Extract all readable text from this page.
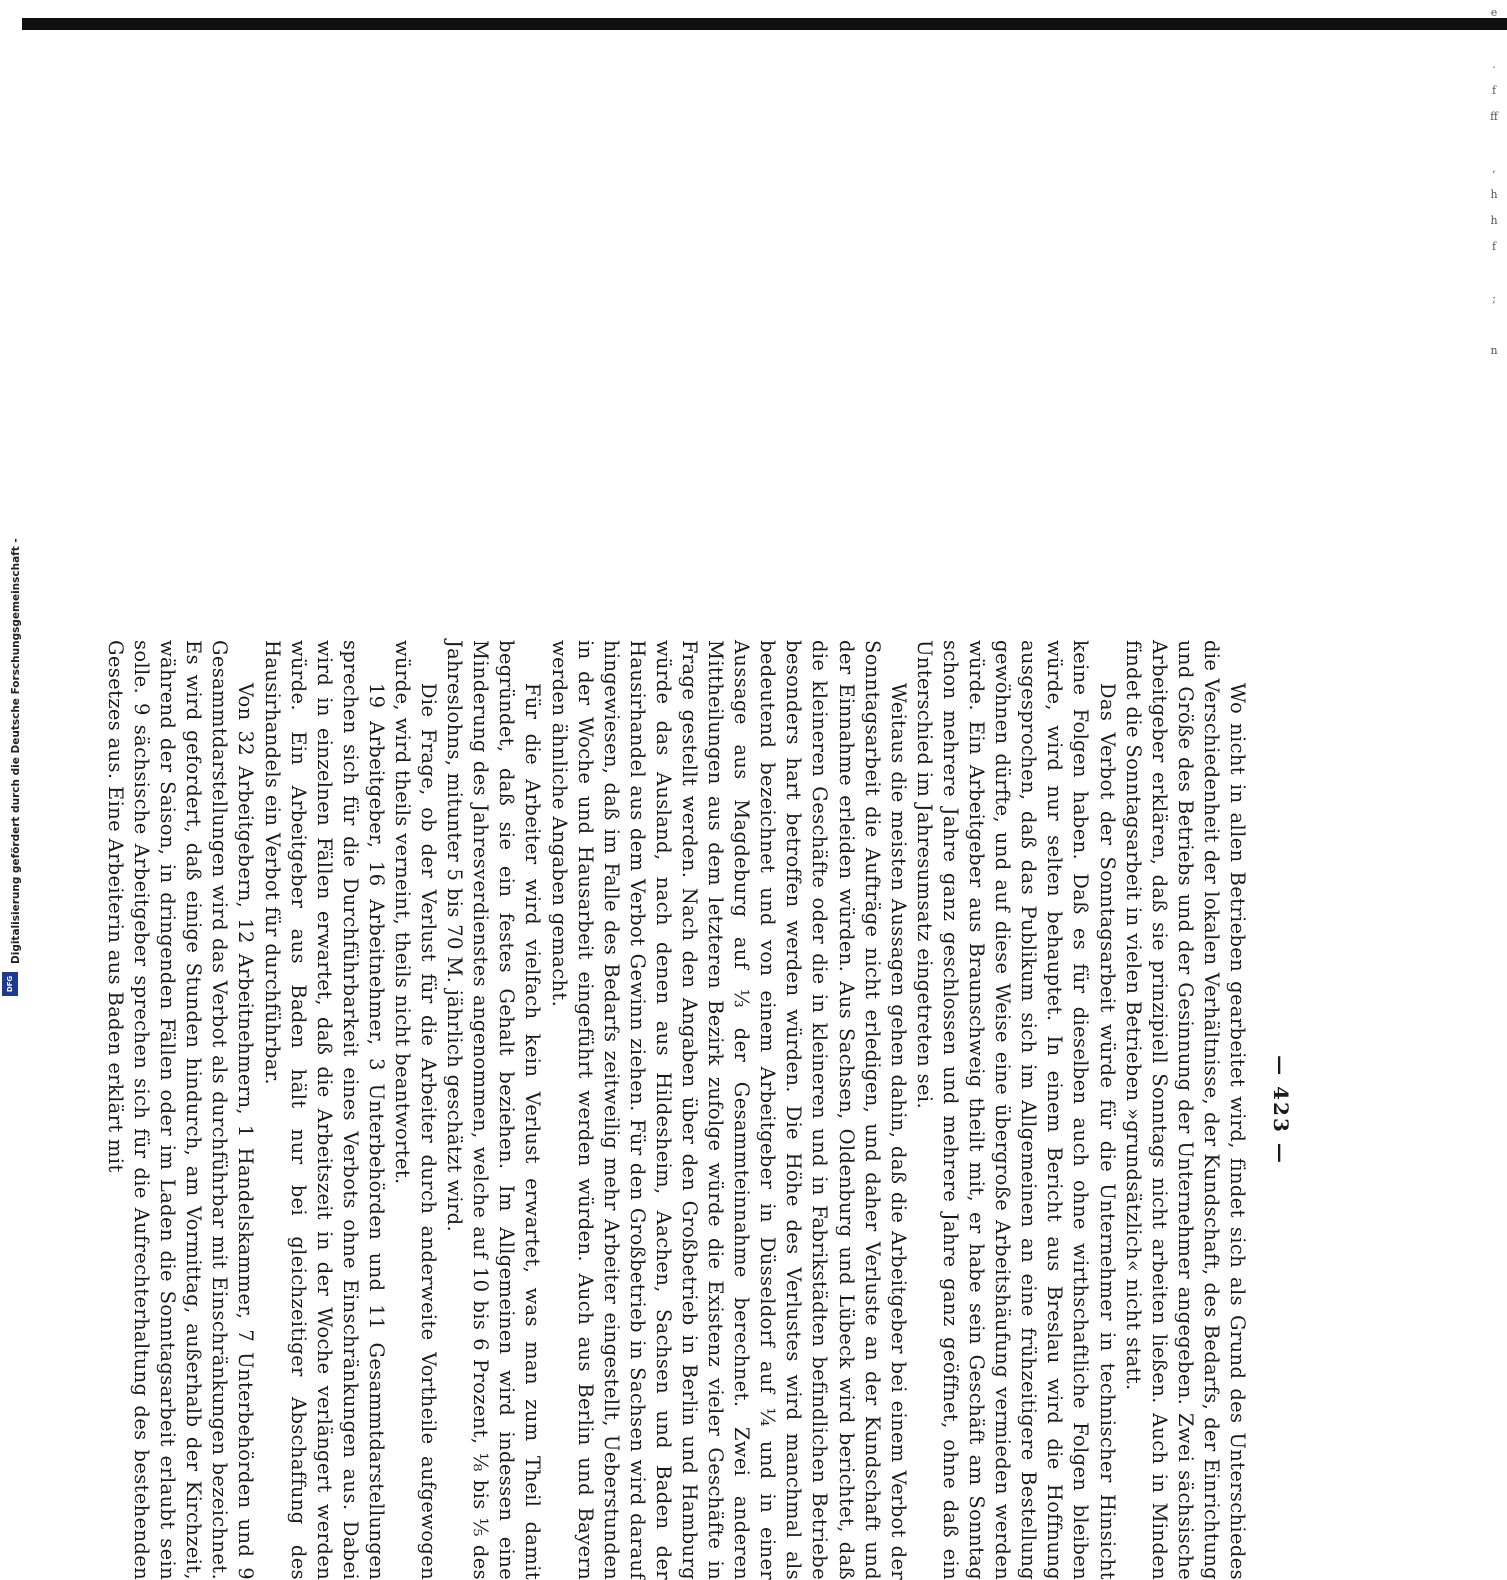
e

.
f
ff

,
h
h
f

;

n

— 423 —

Wo nicht in allen Betrieben gearbeitet wird, findet sich als Grund des Unterschiedes die Verschiedenheit der lokalen Verhältnisse, der Kundschaft, des Bedarfs, der Einrichtung und Größe des Betriebs und der Gesinnung der Unternehmer angegeben. Zwei sächsische Arbeitgeber erklären, daß sie prinzipiell Sonntags nicht arbeiten ließen. Auch in Minden findet die Sonntagsarbeit in vielen Betrieben »grundsätzlich« nicht statt.

Das Verbot der Sonntagsarbeit würde für die Unternehmer in technischer Hinsicht keine Folgen haben. Daß es für dieselben auch ohne wirthschaftliche Folgen bleiben würde, wird nur selten behauptet. In einem Bericht aus Breslau wird die Hoffnung ausgesprochen, daß das Publikum sich im Allgemeinen an eine frühzeitigere Bestellung gewöhnen dürfte, und auf diese Weise eine übergroße Arbeitshäufung vermieden werden würde. Ein Arbeitgeber aus Braunschweig theilt mit, er habe sein Geschäft am Sonntag schon mehrere Jahre ganz geschlossen und mehrere Jahre ganz geöffnet, ohne daß ein Unterschied im Jahresumsatz eingetreten sei.

Weitaus die meisten Aussagen gehen dahin, daß die Arbeitgeber bei einem Verbot der Sonntagsarbeit die Aufträge nicht erledigen, und daher Verluste an der Kundschaft und der Einnahme erleiden würden. Aus Sachsen, Oldenburg und Lübeck wird berichtet, daß die kleineren Geschäfte oder die in kleineren und in Fabrikstädten befindlichen Betriebe besonders hart betroffen werden würden. Die Höhe des Verlustes wird manchmal als bedeutend bezeichnet und von einem Arbeitgeber in Düsseldorf auf ¼ und in einer Aussage aus Magdeburg auf ⅓ der Gesammteinnahme berechnet. Zwei anderen Mittheilungen aus dem letzteren Bezirk zufolge würde die Existenz vieler Geschäfte in Frage gestellt werden. Nach den Angaben über den Großbetrieb in Berlin und Hamburg würde das Ausland, nach denen aus Hildesheim, Aachen, Sachsen und Baden der Hausirhandel aus dem Verbot Gewinn ziehen. Für den Großbetrieb in Sachsen wird darauf hingewiesen, daß im Falle des Bedarfs zeitweilig mehr Arbeiter eingestellt, Ueberstunden in der Woche und Hausarbeit eingeführt werden würden. Auch aus Berlin und Bayern werden ähnliche Angaben gemacht.

Für die Arbeiter wird vielfach kein Verlust erwartet, was man zum Theil damit begründet, daß sie ein festes Gehalt beziehen. Im Allgemeinen wird indessen eine Minderung des Jahresverdienstes angenommen, welche auf 10 bis 6 Prozent, ⅛ bis ⅕ des Jahreslohns, mitunter 5 bis 70 M. jährlich geschätzt wird.

Die Frage, ob der Verlust für die Arbeiter durch anderweite Vortheile aufgewogen würde, wird theils verneint, theils nicht beantwortet.

19 Arbeitgeber, 16 Arbeitnehmer, 3 Unterbehörden und 11 Gesammtdarstellungen sprechen sich für die Durchführbarkeit eines Verbots ohne Einschränkungen aus. Dabei wird in einzelnen Fällen erwartet, daß die Arbeitszeit in der Woche verlängert werden würde. Ein Arbeitgeber aus Baden hält nur bei gleichzeitiger Abschaffung des Hausirhandels ein Verbot für durchführbar.

Von 32 Arbeitgebern, 12 Arbeitnehmern, 1 Handelskammer, 7 Unterbehörden und 9 Gesammtdarstellungen wird das Verbot als durchführbar mit Einschränkungen bezeichnet. Es wird gefordert, daß einige Stunden hindurch, am Vormittag, außerhalb der Kirchzeit, während der Saison, in dringenden Fällen oder im Laden die Sonntagsarbeit erlaubt sein solle. 9 sächsische Arbeitgeber sprechen sich für die Aufrechterhaltung des bestehenden Gesetzes aus. Eine Arbeiterin aus Baden erklärt mit

Digitalisierung gefördert durch die Deutsche Forschungsgemeinschaft -
DFG
